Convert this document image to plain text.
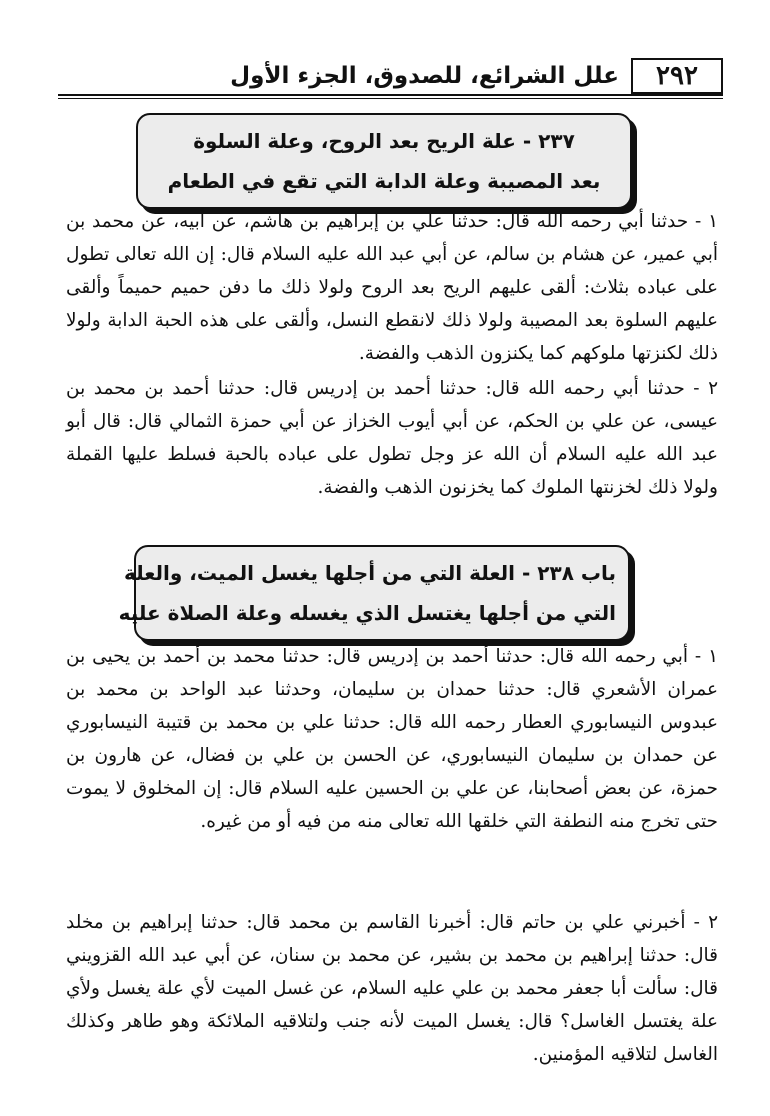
٢٩٢
علل الشرائع، للصدوق، الجزء الأول
٢٣٧ - علة الريح بعد الروح، وعلة السلوة
بعد المصيبة وعلة الدابة التي تقع في الطعام
١ - حدثنا أبي رحمه الله قال: حدثنا علي بن إبراهيم بن هاشم، عن أبيه، عن محمد بن أبي عمير، عن هشام بن سالم، عن أبي عبد الله عليه السلام قال: إن الله تعالى تطول على عباده بثلاث: ألقى عليهم الريح بعد الروح ولولا ذلك ما دفن حميم حميماً وألقى عليهم السلوة بعد المصيبة ولولا ذلك لانقطع النسل، وألقى على هذه الحبة الدابة ولولا ذلك لكنزتها ملوكهم كما يكنزون الذهب والفضة.
٢ - حدثنا أبي رحمه الله قال: حدثنا أحمد بن إدريس قال: حدثنا أحمد بن محمد بن عيسى، عن علي بن الحكم، عن أبي أيوب الخزاز عن أبي حمزة الثمالي قال: قال أبو عبد الله عليه السلام أن الله عز وجل تطول على عباده بالحبة فسلط عليها القملة ولولا ذلك لخزنتها الملوك كما يخزنون الذهب والفضة.
باب ٢٣٨ - العلة التي من أجلها يغسل الميت، والعلة
التي من أجلها يغتسل الذي يغسله وعلة الصلاة عليه
١ - أبي رحمه الله قال: حدثنا أحمد بن إدريس قال: حدثنا محمد بن أحمد بن يحيى بن عمران الأشعري قال: حدثنا حمدان بن سليمان، وحدثنا عبد الواحد بن محمد بن عبدوس النيسابوري العطار رحمه الله قال: حدثنا علي بن محمد بن قتيبة النيسابوري عن حمدان بن سليمان النيسابوري، عن الحسن بن علي بن فضال، عن هارون بن حمزة، عن بعض أصحابنا، عن علي بن الحسين عليه السلام قال: إن المخلوق لا يموت حتى تخرج منه النطفة التي خلقها الله تعالى منه من فيه أو من غيره.
٢ - أخبرني علي بن حاتم قال: أخبرنا القاسم بن محمد قال: حدثنا إبراهيم بن مخلد قال: حدثنا إبراهيم بن محمد بن بشير، عن محمد بن سنان، عن أبي عبد الله القزويني قال: سألت أبا جعفر محمد بن علي عليه السلام، عن غسل الميت لأي علة يغسل ولأي علة يغتسل الغاسل؟ قال: يغسل الميت لأنه جنب ولتلاقيه الملائكة وهو طاهر وكذلك الغاسل لتلاقيه المؤمنين.
